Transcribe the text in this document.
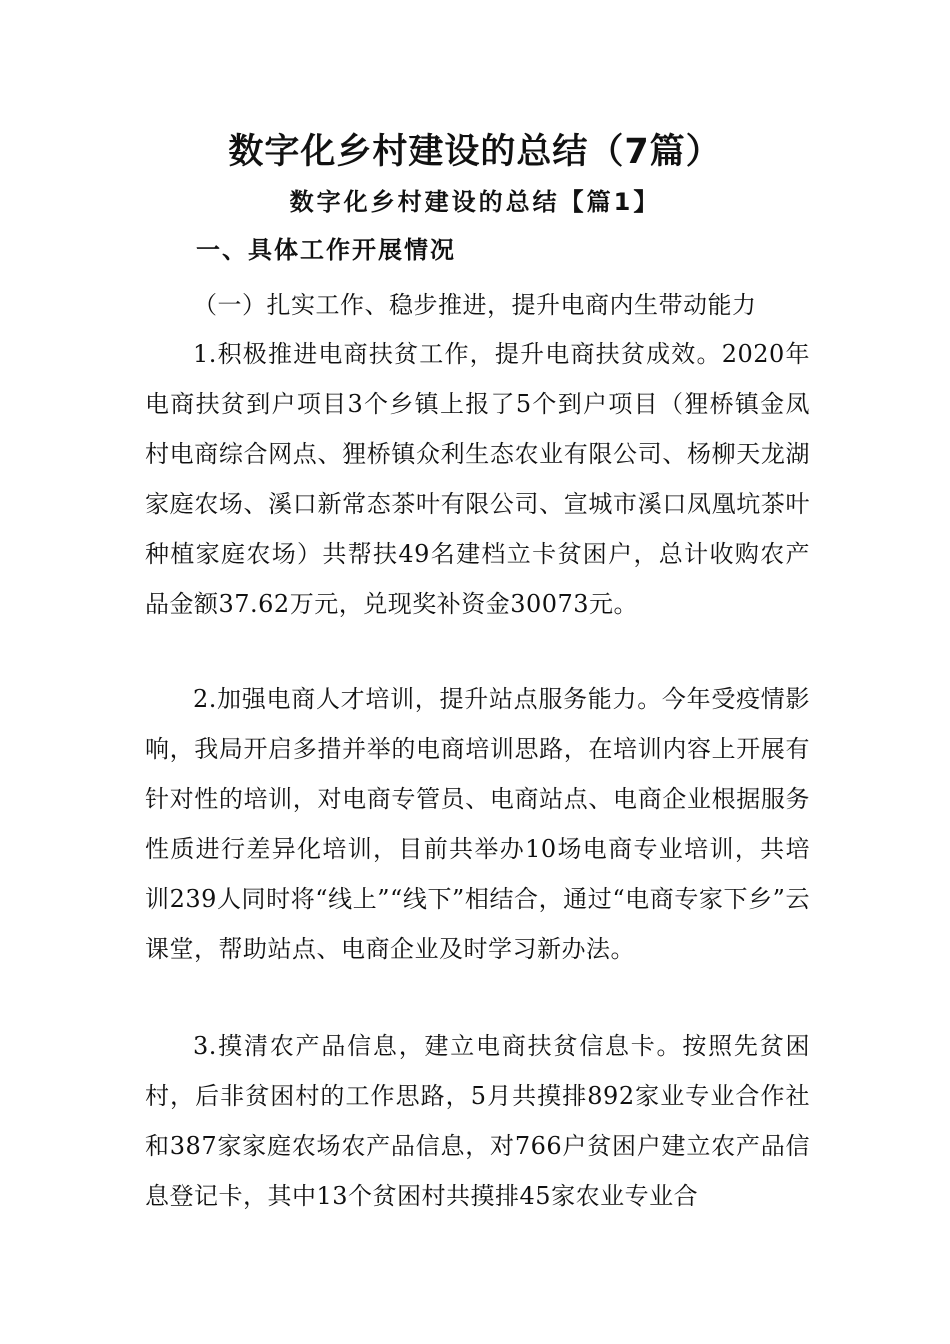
数字化乡村建设的总结（7篇）
数字化乡村建设的总结【篇1】
一、具体工作开展情况
（一）扎实工作、稳步推进，提升电商内生带动能力
1.积极推进电商扶贫工作，提升电商扶贫成效。2020年电商扶贫到户项目3个乡镇上报了5个到户项目（狸桥镇金凤村电商综合网点、狸桥镇众利生态农业有限公司、杨柳天龙湖家庭农场、溪口新常态茶叶有限公司、宣城市溪口凤凰坑茶叶种植家庭农场）共帮扶49名建档立卡贫困户，总计收购农产品金额37.62万元，兑现奖补资金30073元。
2.加强电商人才培训，提升站点服务能力。今年受疫情影响，我局开启多措并举的电商培训思路，在培训内容上开展有针对性的培训，对电商专管员、电商站点、电商企业根据服务性质进行差异化培训，目前共举办10场电商专业培训，共培训239人同时将“线上”“线下”相结合，通过“电商专家下乡”云课堂，帮助站点、电商企业及时学习新办法。
3.摸清农产品信息，建立电商扶贫信息卡。按照先贫困村，后非贫困村的工作思路，5月共摸排892家业专业合作社和387家家庭农场农产品信息，对766户贫困户建立农产品信息登记卡，其中13个贫困村共摸排45家农业专业合
